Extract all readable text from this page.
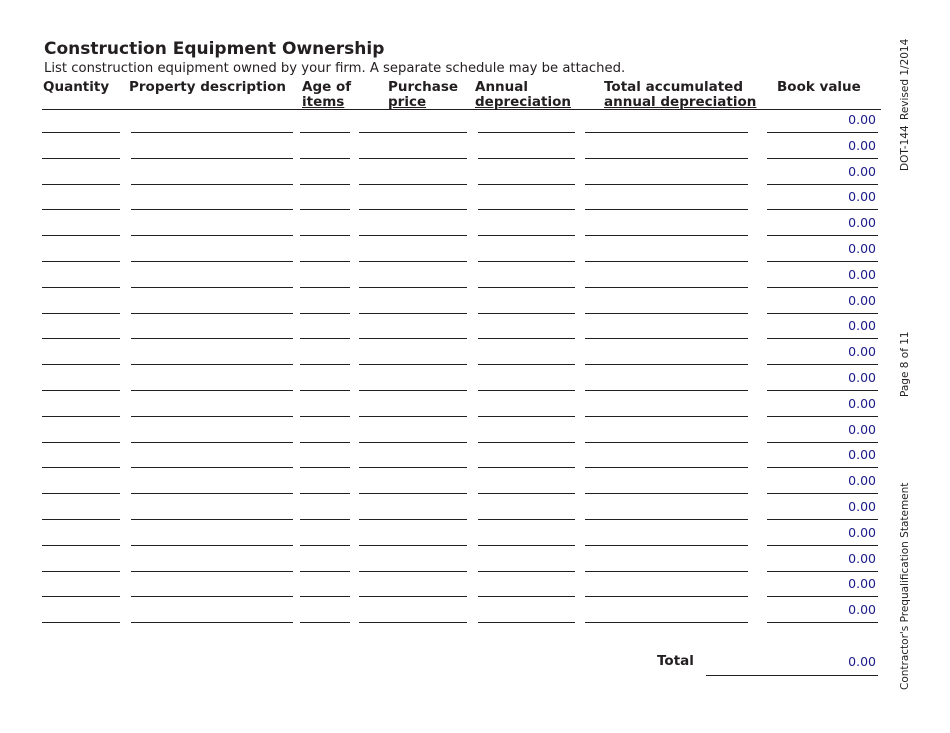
Construction Equipment Ownership
List construction equipment owned by your firm. A separate schedule may be attached.
Quantity Property description Age of
items
Purchase
price
Annual
depreciation
Total accumulated
annual depreciation
Book value
0.00
0.00
0.00
0.00
0.00
0.00
0.00
0.00
0.00
0.00
0.00
0.00
0.00
0.00
0.00
0.00
0.00
0.00
0.00
0.00
Total	0.00
Revised 1/2014
DOT-144
Page 8 of 11
Contractor's Prequalification Statement
